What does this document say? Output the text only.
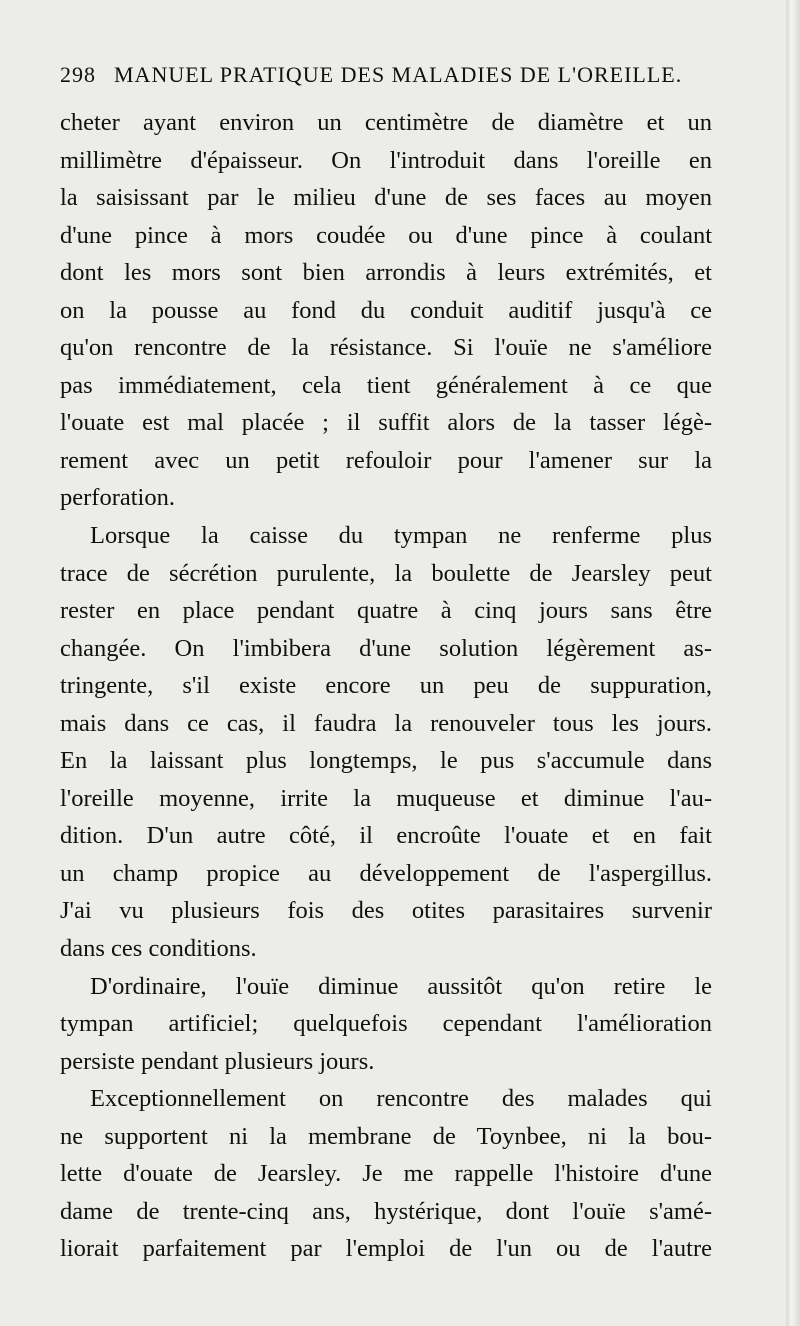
298 MANUEL PRATIQUE DES MALADIES DE L'OREILLE.
cheter ayant environ un centimètre de diamètre et un
millimètre d'épaisseur. On l'introduit dans l'oreille en
la saisissant par le milieu d'une de ses faces au moyen
d'une pince à mors coudée ou d'une pince à coulant
dont les mors sont bien arrondis à leurs extrémités, et
on la pousse au fond du conduit auditif jusqu'à ce
qu'on rencontre de la résistance. Si l'ouïe ne s'améliore
pas immédiatement, cela tient généralement à ce que
l'ouate est mal placée ; il suffit alors de la tasser légè-
rement avec un petit refouloir pour l'amener sur la
perforation.
Lorsque la caisse du tympan ne renferme plus
trace de sécrétion purulente, la boulette de Jearsley peut
rester en place pendant quatre à cinq jours sans être
changée. On l'imbibera d'une solution légèrement as-
tringente, s'il existe encore un peu de suppuration,
mais dans ce cas, il faudra la renouveler tous les jours.
En la laissant plus longtemps, le pus s'accumule dans
l'oreille moyenne, irrite la muqueuse et diminue l'au-
dition. D'un autre côté, il encroûte l'ouate et en fait
un champ propice au développement de l'aspergillus.
J'ai vu plusieurs fois des otites parasitaires survenir
dans ces conditions.
D'ordinaire, l'ouïe diminue aussitôt qu'on retire le
tympan artificiel; quelquefois cependant l'amélioration
persiste pendant plusieurs jours.
Exceptionnellement on rencontre des malades qui
ne supportent ni la membrane de Toynbee, ni la bou-
lette d'ouate de Jearsley. Je me rappelle l'histoire d'une
dame de trente-cinq ans, hystérique, dont l'ouïe s'amé-
liorait parfaitement par l'emploi de l'un ou de l'autre
